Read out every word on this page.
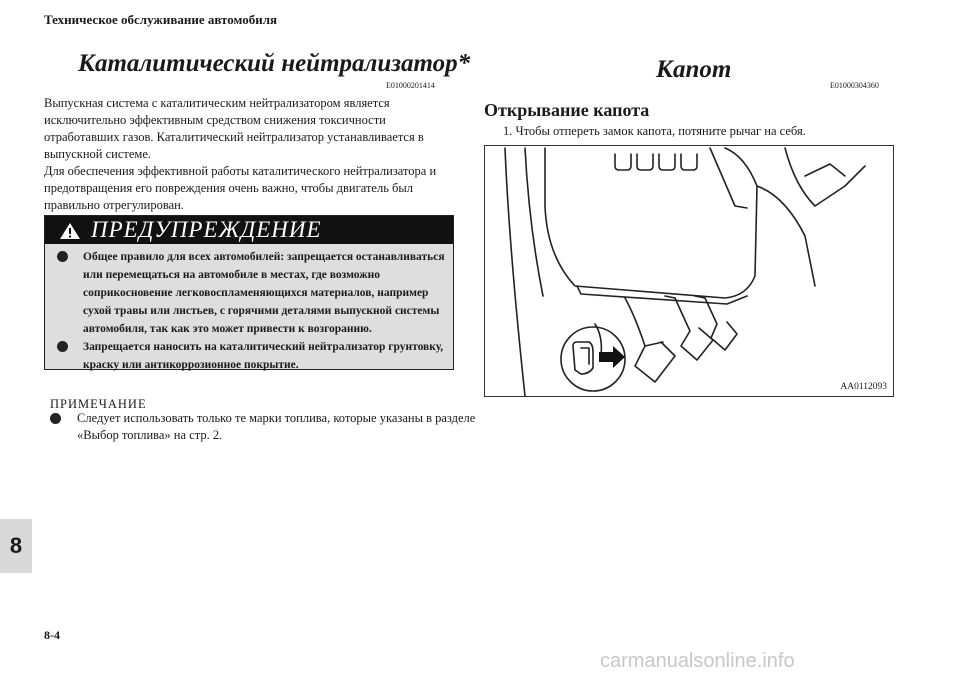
Техническое обслуживание автомобиля
Каталитический нейтрализатор*
E01000201414

Выпускная система с каталитическим нейтрализатором является исключительно эффективным средством снижения токсичности отработавших газов. Каталитический нейтрализатор устанавливается в выпускной системе.

Для обеспечения эффективной работы каталитического нейтрализатора и предотвращения его повреждения очень важно, чтобы двигатель был правильно отрегулирован.

ПРЕДУПРЕЖДЕНИЕ
Общее правило для всех автомобилей: запрещается останавливаться или перемещаться на автомобиле в местах, где возможно соприкосновение легковоспламеняющихся материалов, например сухой травы или листьев, с горячими деталями выпускной системы автомобиля, так как это может привести к возгоранию.
Запрещается наносить на каталитический нейтрализатор грунтовку, краску или антикоррозионное покрытие.
ПРИМЕЧАНИЕ
Следует использовать только те марки топлива, которые указаны в разделе «Выбор топлива» на стр. 2.
Капот
E01000304360
Открывание капота
1. Чтобы отпереть замок капота, потяните рычаг на себя.
AA0112093
8
8-4
carmanualsonline.info
